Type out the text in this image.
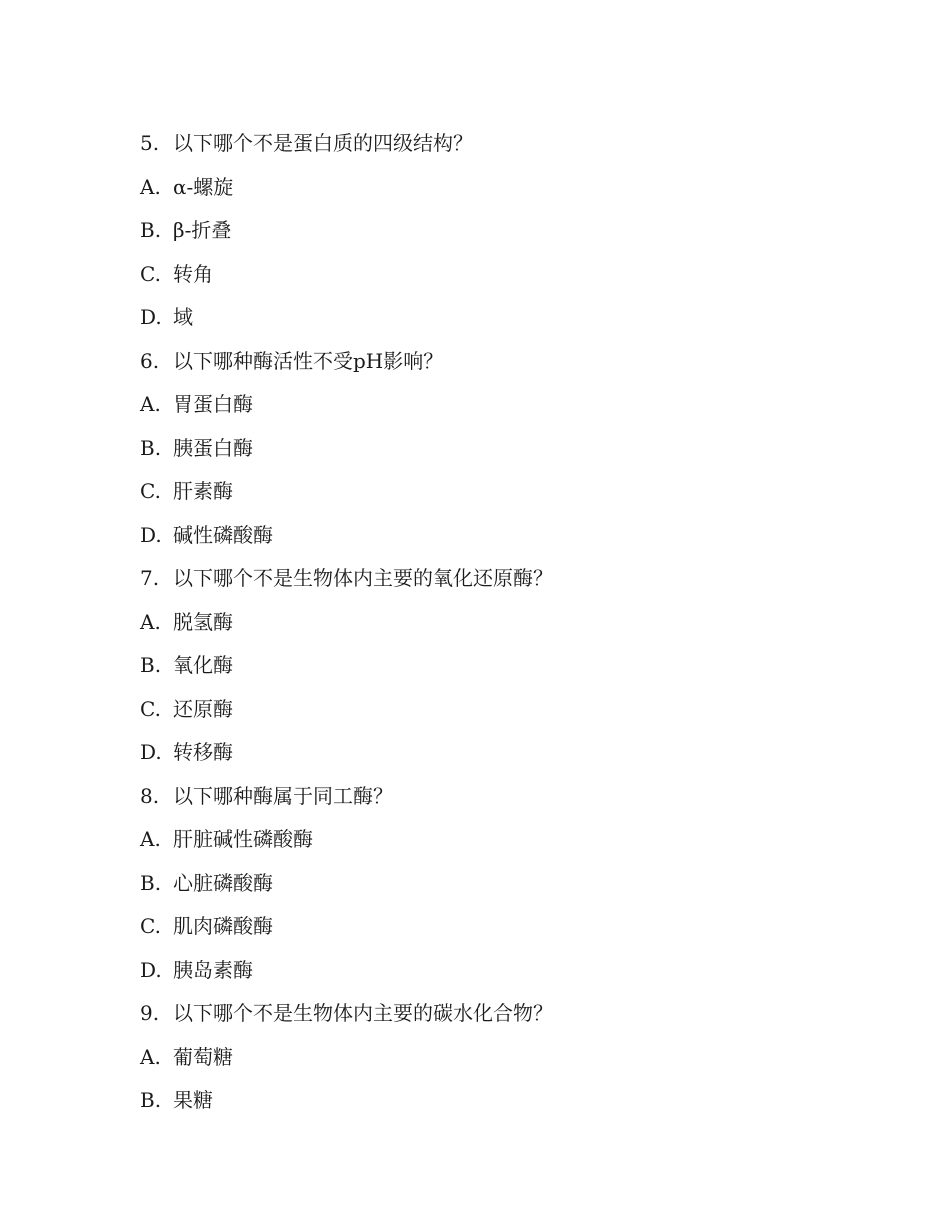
5. 以下哪个不是蛋白质的四级结构？
A. α-螺旋
B. β-折叠
C. 转角
D. 域
6. 以下哪种酶活性不受pH影响？
A. 胃蛋白酶
B. 胰蛋白酶
C. 肝素酶
D. 碱性磷酸酶
7. 以下哪个不是生物体内主要的氧化还原酶？
A. 脱氢酶
B. 氧化酶
C. 还原酶
D. 转移酶
8. 以下哪种酶属于同工酶？
A. 肝脏碱性磷酸酶
B. 心脏磷酸酶
C. 肌肉磷酸酶
D. 胰岛素酶
9. 以下哪个不是生物体内主要的碳水化合物？
A. 葡萄糖
B. 果糖
